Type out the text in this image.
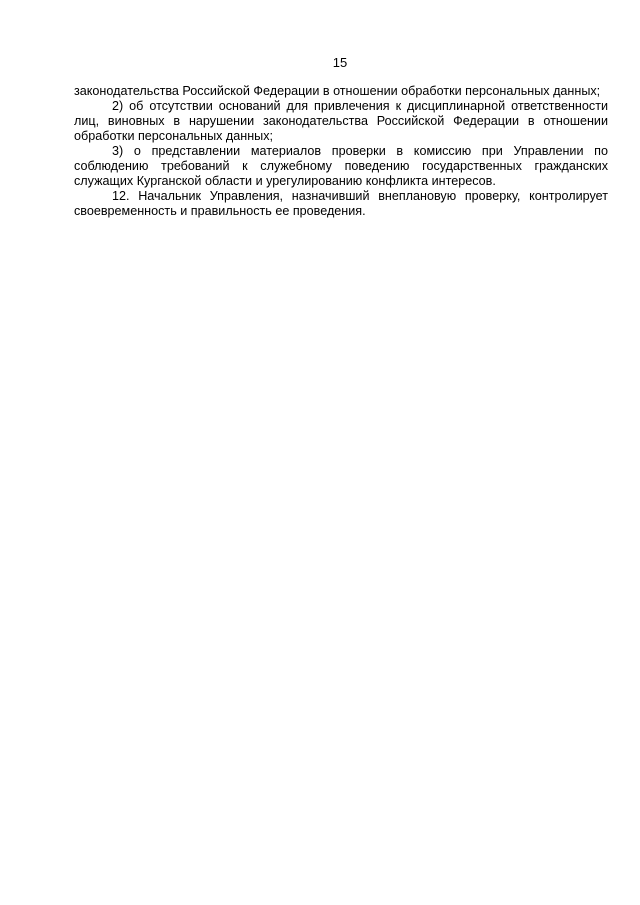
15

законодательства Российской Федерации в отношении обработки персональных данных;

2) об отсутствии оснований для привлечения к дисциплинарной ответственности лиц, виновных в нарушении законодательства Российской Федерации в отношении обработки персональных данных;

3) о представлении материалов проверки в комиссию при Управлении по соблюдению требований к служебному поведению государственных гражданских служащих Курганской области и урегулированию конфликта интересов.

12. Начальник Управления, назначивший внеплановую проверку, контролирует своевременность и правильность ее проведения.
